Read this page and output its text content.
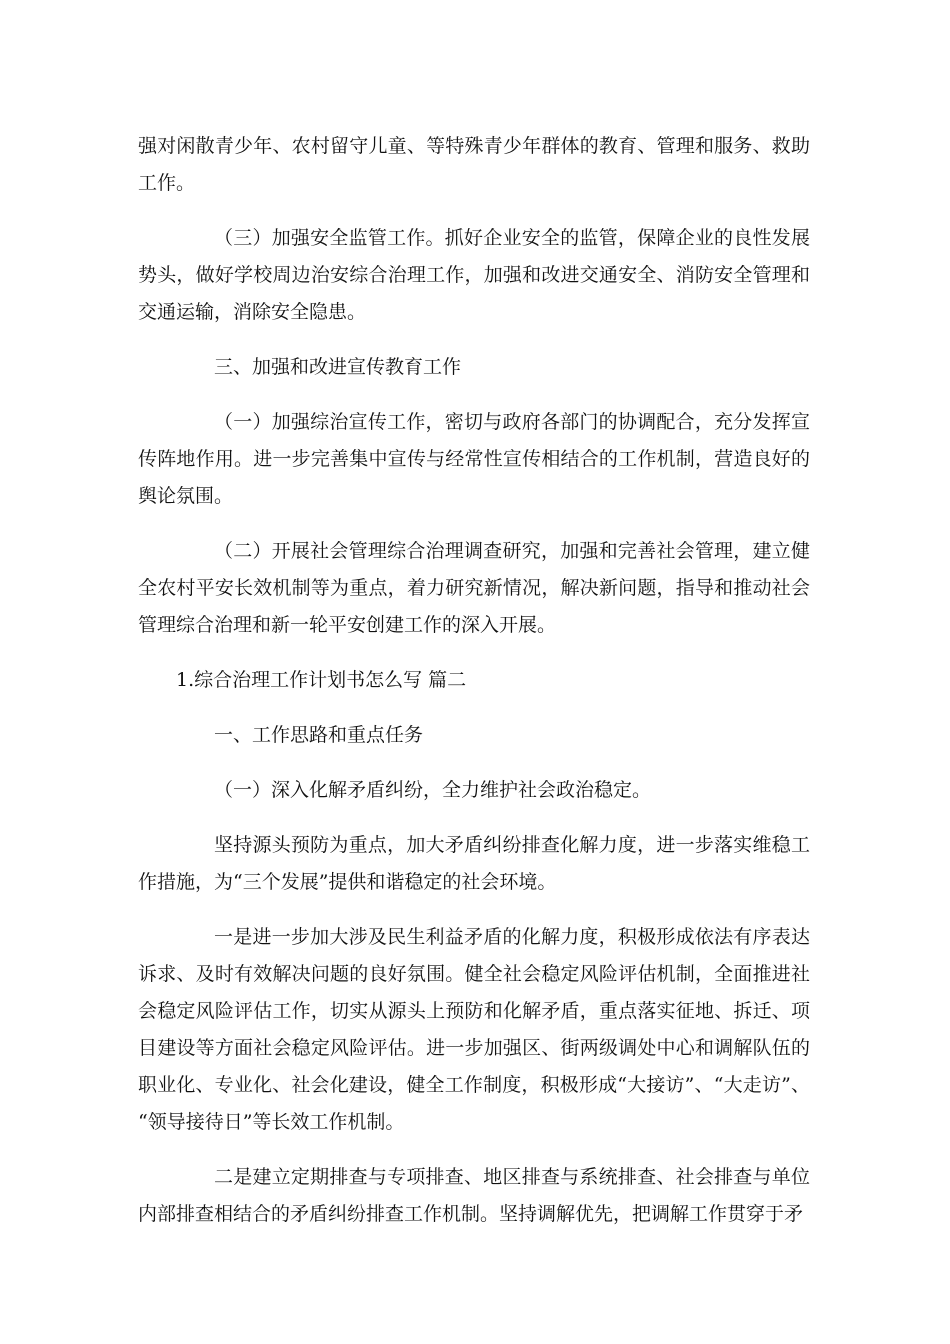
强对闲散青少年、农村留守儿童、等特殊青少年群体的教育、管理和服务、救助工作。

（三）加强安全监管工作。抓好企业安全的监管，保障企业的良性发展势头，做好学校周边治安综合治理工作，加强和改进交通安全、消防安全管理和交通运输，消除安全隐患。

三、加强和改进宣传教育工作

（一）加强综治宣传工作，密切与政府各部门的协调配合，充分发挥宣传阵地作用。进一步完善集中宣传与经常性宣传相结合的工作机制，营造良好的舆论氛围。

（二）开展社会管理综合治理调查研究，加强和完善社会管理，建立健全农村平安长效机制等为重点，着力研究新情况，解决新问题，指导和推动社会管理综合治理和新一轮平安创建工作的深入开展。

1.综合治理工作计划书怎么写 篇二

一、工作思路和重点任务

（一）深入化解矛盾纠纷，全力维护社会政治稳定。

坚持源头预防为重点，加大矛盾纠纷排查化解力度，进一步落实维稳工作措施，为“三个发展”提供和谐稳定的社会环境。

一是进一步加大涉及民生利益矛盾的化解力度，积极形成依法有序表达诉求、及时有效解决问题的良好氛围。健全社会稳定风险评估机制，全面推进社会稳定风险评估工作，切实从源头上预防和化解矛盾，重点落实征地、拆迁、项目建设等方面社会稳定风险评估。进一步加强区、街两级调处中心和调解队伍的职业化、专业化、社会化建设，健全工作制度，积极形成“大接访”、“大走访”、“领导接待日”等长效工作机制。

二是建立定期排查与专项排查、地区排查与系统排查、社会排查与单位内部排查相结合的矛盾纠纷排查工作机制。坚持调解优先，把调解工作贯穿于矛
